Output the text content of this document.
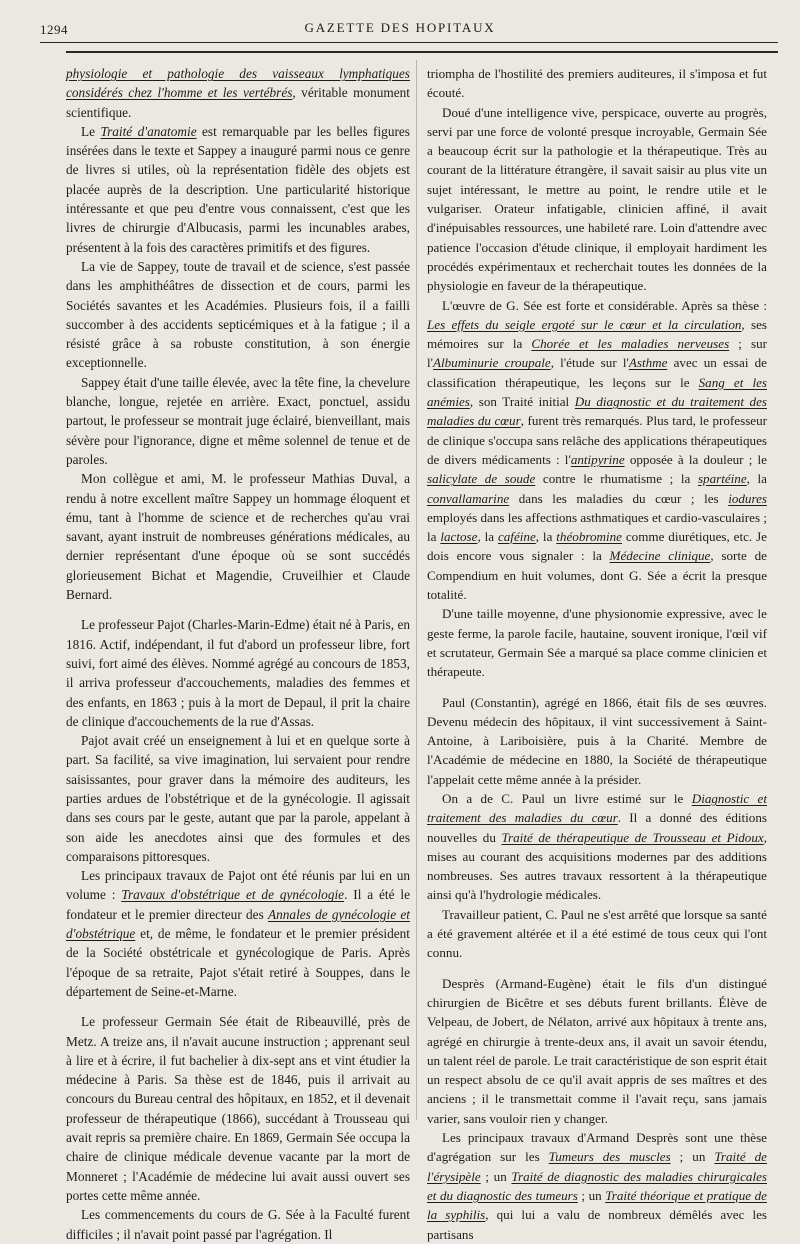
1294	GAZETTE DES HOPITAUX

physiologie et pathologie des vaisseaux lymphatiques considérés chez l'homme et les vertébrés, véritable monument scientifique.

Le Traité d'anatomie est remarquable par les belles figures insérées dans le texte et Sappey a inauguré parmi nous ce genre de livres si utiles, où la représentation fidèle des objets est placée auprès de la description. Une particularité historique intéressante et que peu d'entre vous connaissent, c'est que les livres de chirurgie d'Albucasis, parmi les incunables arabes, présentent à la fois des caractères primitifs et des figures.

La vie de Sappey, toute de travail et de science, s'est passée dans les amphithéâtres de dissection et de cours, parmi les Sociétés savantes et les Académies. Plusieurs fois, il a failli succomber à des accidents septicémiques et à la fatigue ; il a résisté grâce à sa robuste constitution, à son énergie exceptionnelle.

Sappey était d'une taille élevée, avec la tête fine, la chevelure blanche, longue, rejetée en arrière. Exact, ponctuel, assidu partout, le professeur se montrait juge éclairé, bienveillant, mais sévère pour l'ignorance, digne et même solennel de tenue et de paroles.

Mon collègue et ami, M. le professeur Mathias Duval, a rendu à notre excellent maître Sappey un hommage éloquent et ému, tant à l'homme de science et de recherches qu'au vrai savant, ayant instruit de nombreuses générations médicales, au dernier représentant d'une époque où se sont succédés glorieusement Bichat et Magendie, Cruveilhier et Claude Bernard.

Le professeur Pajot (Charles-Marin-Edme) était né à Paris, en 1816. Actif, indépendant, il fut d'abord un professeur libre, fort suivi, fort aimé des élèves. Nommé agrégé au concours de 1853, il arriva professeur d'accouchements, maladies des femmes et des enfants, en 1863 ; puis à la mort de Depaul, il prit la chaire de clinique d'accouchements de la rue d'Assas.

Pajot avait créé un enseignement à lui et en quelque sorte à part. Sa facilité, sa vive imagination, lui servaient pour rendre saisissantes, pour graver dans la mémoire des auditeurs, les parties ardues de l'obstétrique et de la gynécologie. Il agissait dans ses cours par le geste, autant que par la parole, appelant à son aide les anecdotes ainsi que des formules et des comparaisons pittoresques.

Les principaux travaux de Pajot ont été réunis par lui en un volume : Travaux d'obstétrique et de gynécologie. Il a été le fondateur et le premier directeur des Annales de gynécologie et d'obstétrique et, de même, le fondateur et le premier président de la Société obstétricale et gynécologique de Paris. Après l'époque de sa retraite, Pajot s'était retiré à Souppes, dans le département de Seine-et-Marne.

Le professeur Germain Sée était de Ribeauvillé, près de Metz. A treize ans, il n'avait aucune instruction ; apprenant seul à lire et à écrire, il fut bachelier à dix-sept ans et vint étudier la médecine à Paris. Sa thèse est de 1846, puis il arrivait au concours du Bureau central des hôpitaux, en 1852, et il devenait professeur de thérapeutique (1866), succédant à Trousseau qui avait repris sa première chaire. En 1869, Germain Sée occupa la chaire de clinique médicale devenue vacante par la mort de Monneret ; l'Académie de médecine lui avait aussi ouvert ses portes cette même année.

Les commencements du cours de G. Sée à la Faculté furent difficiles ; il n'avait point passé par l'agrégation. Il

triompha de l'hostilité des premiers auditeures, il s'imposa et fut écouté.

Doué d'une intelligence vive, perspicace, ouverte au progrès, servi par une force de volonté presque incroyable, Germain Sée a beaucoup écrit sur la pathologie et la thérapeutique. Très au courant de la littérature étrangère, il savait saisir au plus vite un sujet intéressant, le mettre au point, le rendre utile et le vulgariser. Orateur infatigable, clinicien affiné, il avait d'inépuisables ressources, une habileté rare. Loin d'attendre avec patience l'occasion d'étude clinique, il employait hardiment les procédés expérimentaux et recherchait toutes les données de la physiologie en faveur de la thérapeutique.

L'œuvre de G. Sée est forte et considérable. Après sa thèse : Les effets du seigle ergoté sur le cœur et la circulation, ses mémoires sur la Chorée et les maladies nerveuses ; sur l'Albuminurie croupale, l'étude sur l'Asthme avec un essai de classification thérapeutique, les leçons sur le Sang et les anémies, son Traité initial Du diagnostic et du traitement des maladies du cœur, furent très remarqués. Plus tard, le professeur de clinique s'occupa sans relâche des applications thérapeutiques de divers médicaments : l'antipyrine opposée à la douleur ; le salicylate de soude contre le rhumatisme ; la spartéine, la convallamarine dans les maladies du cœur ; les iodures employés dans les affections asthmatiques et cardio-vasculaires ; la lactose, la caféine, la théobromine comme diurétiques, etc. Je dois encore vous signaler : la Médecine clinique, sorte de Compendium en huit volumes, dont G. Sée a écrit la presque totalité.

D'une taille moyenne, d'une physionomie expressive, avec le geste ferme, la parole facile, hautaine, souvent ironique, l'œil vif et scrutateur, Germain Sée a marqué sa place comme clinicien et thérapeute.

Paul (Constantin), agrégé en 1866, était fils de ses œuvres. Devenu médecin des hôpitaux, il vint successivement à Saint-Antoine, à Lariboisière, puis à la Charité. Membre de l'Académie de médecine en 1880, la Société de thérapeutique l'appelait cette même année à la présider.

On a de C. Paul un livre estimé sur le Diagnostic et traitement des maladies du cœur. Il a donné des éditions nouvelles du Traité de thérapeutique de Trousseau et Pidoux, mises au courant des acquisitions modernes par des additions nombreuses. Ses autres travaux ressortent à la thérapeutique ainsi qu'à l'hydrologie médicales.

Travailleur patient, C. Paul ne s'est arrêté que lorsque sa santé a été gravement altérée et il a été estimé de tous ceux qui l'ont connu.

Desprès (Armand-Eugène) était le fils d'un distingué chirurgien de Bicêtre et ses débuts furent brillants. Élève de Velpeau, de Jobert, de Nélaton, arrivé aux hôpitaux à trente ans, agrégé en chirurgie à trente-deux ans, il avait un savoir étendu, un talent réel de parole. Le trait caractéristique de son esprit était un respect absolu de ce qu'il avait appris de ses maîtres et des anciens ; il le transmettait comme il l'avait reçu, sans jamais varier, sans vouloir rien y changer.

Les principaux travaux d'Armand Desprès sont une thèse d'agrégation sur les Tumeurs des muscles ; un Traité de l'érysipèle ; un Traité de diagnostic des maladies chirurgicales et du diagnostic des tumeurs ; un Traité théorique et pratique de la syphilis, qui lui a valu de nombreux démêlés avec les partisans
